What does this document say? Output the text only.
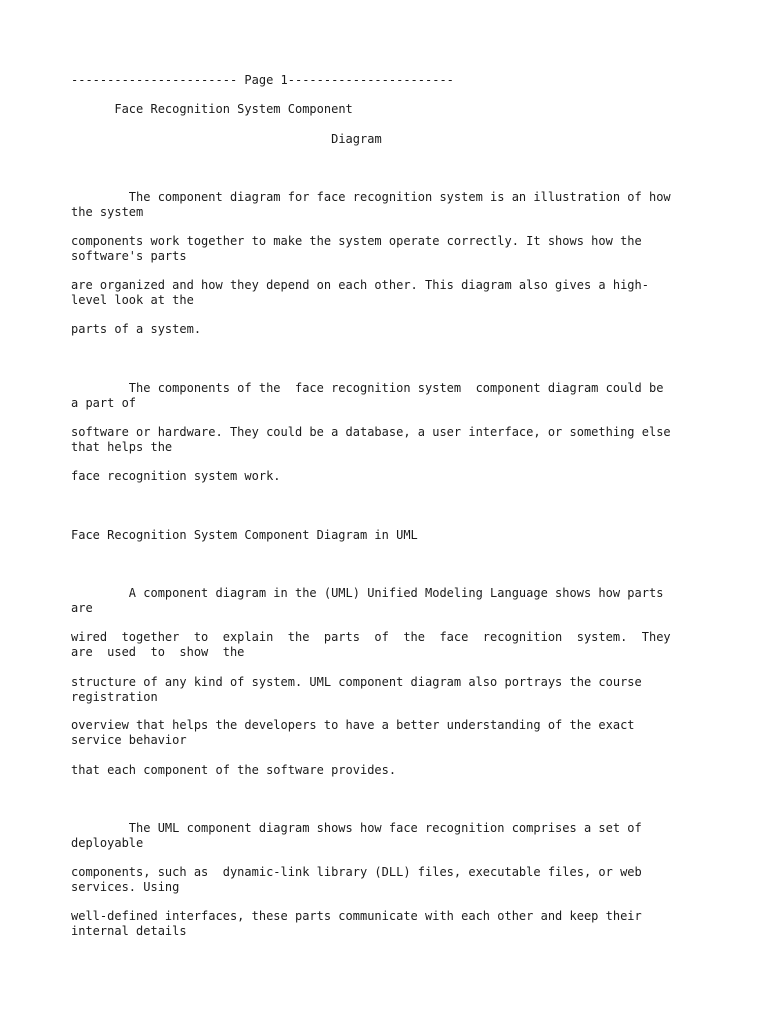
----------------------- Page 1-----------------------

Face Recognition System Component

Diagram

The component diagram for face recognition system is an illustration of how
the system

components work together to make the system operate correctly. It shows how the
software's parts

are organized and how they depend on each other. This diagram also gives a high-
level look at the

parts of a system.

The components of the  face recognition system  component diagram could be
a part of

software or hardware. They could be a database, a user interface, or something else
that helps the

face recognition system work.

Face Recognition System Component Diagram in UML

A component diagram in the (UML) Unified Modeling Language shows how parts
are

wired  together  to  explain  the  parts  of  the  face  recognition  system.  They
are  used  to  show  the

structure of any kind of system. UML component diagram also portrays the course
registration

overview that helps the developers to have a better understanding of the exact
service behavior

that each component of the software provides.

The UML component diagram shows how face recognition comprises a set of
deployable

components, such as  dynamic-link library (DLL) files, executable files, or web
services. Using

well-defined interfaces, these parts communicate with each other and keep their
internal details
